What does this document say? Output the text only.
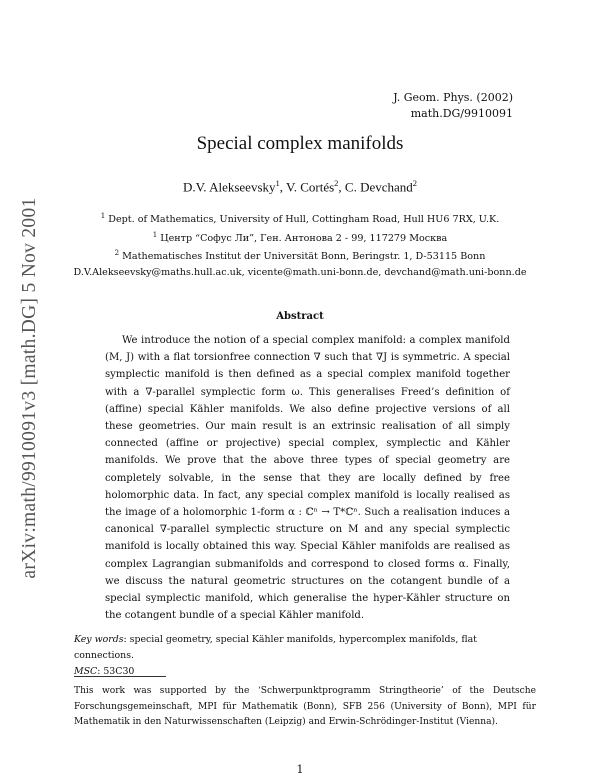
arXiv:math/9910091v3 [math.DG] 5 Nov 2001
J. Geom. Phys. (2002)
math.DG/9910091
Special complex manifolds
D.V. Alekseevsky$^1$, V. Cortés$^2$, C. Devchand$^2$
$^1$ Dept. of Mathematics, University of Hull, Cottingham Road, Hull HU6 7RX, U.K.
$^1$ Центр “Софус Ли”, Ген. Антонова 2 - 99, 117279 Москва
$^2$ Mathematisches Institut der Universität Bonn, Beringstr. 1, D-53115 Bonn
D.V.Alekseevsky@maths.hull.ac.uk, vicente@math.uni-bonn.de, devchand@math.uni-bonn.de
Abstract

We introduce the notion of a special complex manifold: a complex manifold (M, J) with a flat torsionfree connection ∇ such that ∇J is symmetric. A special symplectic manifold is then defined as a special complex manifold together with a ∇-parallel symplectic form ω. This generalises Freed’s definition of (affine) special Kähler manifolds. We also define projective versions of all these geometries. Our main result is an extrinsic realisation of all simply connected (affine or projective) special complex, symplectic and Kähler manifolds. We prove that the above three types of special geometry are completely solvable, in the sense that they are locally defined by free holomorphic data. In fact, any special complex manifold is locally realised as the image of a holomorphic 1-form α : ℂⁿ → T*ℂⁿ. Such a realisation induces a canonical ∇-parallel symplectic structure on M and any special symplectic manifold is locally obtained this way. Special Kähler manifolds are realised as complex Lagrangian submanifolds and correspond to closed forms α. Finally, we discuss the natural geometric structures on the cotangent bundle of a special symplectic manifold, which generalise the hyper-Kähler structure on the cotangent bundle of a special Kähler manifold.

Key words: special geometry, special Kähler manifolds, hypercomplex manifolds, flat connections.
MSC: 53C30
This work was supported by the ‘Schwerpunktprogramm Stringtheorie’ of the Deutsche Forschungsgemeinschaft, MPI für Mathematik (Bonn), SFB 256 (University of Bonn), MPI für Mathematik in den Naturwissenschaften (Leipzig) and Erwin-Schrödinger-Institut (Vienna).
1
